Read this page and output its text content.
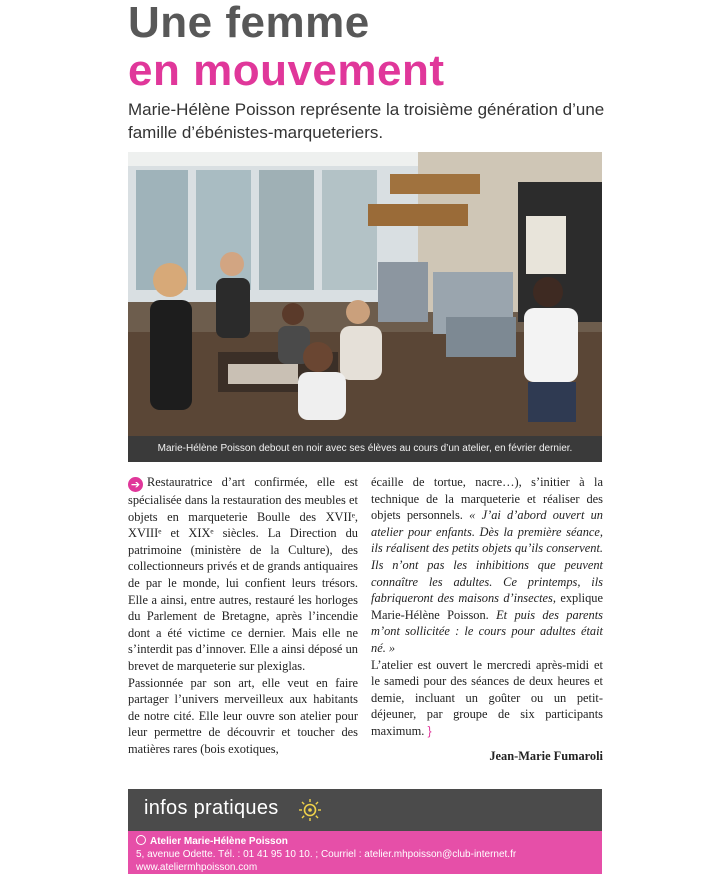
Une femme
en mouvement
Marie-Hélène Poisson représente la troisième génération d’une famille d’ébénistes-marqueteriers.
Marie-Hélène Poisson debout en noir avec ses élèves au cours d’un atelier, en février dernier.

➔ Restauratrice d’art confirmée, elle est spécialisée dans la restauration des meubles et objets en marqueterie Boulle des XVIIᵉ, XVIIIᵉ et XIXᵉ siècles. La Direction du patrimoine (ministère de la Culture), des collectionneurs privés et de grands antiquaires de par le monde, lui confient leurs trésors. Elle a ainsi, entre autres, restauré les horloges du Parlement de Bretagne, après l’incendie dont a été victime ce dernier. Mais elle ne s’interdit pas d’innover. Elle a ainsi déposé un brevet de marqueterie sur plexiglas.

Passionnée par son art, elle veut en faire partager l’univers merveilleux aux habitants de notre cité. Elle leur ouvre son atelier pour leur permettre de découvrir et toucher des matières rares (bois exotiques,

écaille de tortue, nacre…), s’initier à la technique de la marqueterie et réaliser des objets personnels. « J’ai d’abord ouvert un atelier pour enfants. Dès la première séance, ils réalisent des petits objets qu’ils conservent. Ils n’ont pas les inhibitions que peuvent connaître les adultes. Ce printemps, ils fabriqueront des maisons d’insectes, explique Marie-Hélène Poisson. Et puis des parents m’ont sollicitée : le cours pour adultes était né. »

L’atelier est ouvert le mercredi après-midi et le samedi pour des séances de deux heures et demie, incluant un goûter ou un petit-déjeuner, par groupe de six participants maximum. }

Jean-Marie Fumaroli
infos pratiques
Atelier Marie-Hélène Poisson
5, avenue Odette. Tél. : 01 41 95 10 10. ; Courriel : atelier.mhpoisson@club-internet.fr
www.ateliermhpoisson.com
